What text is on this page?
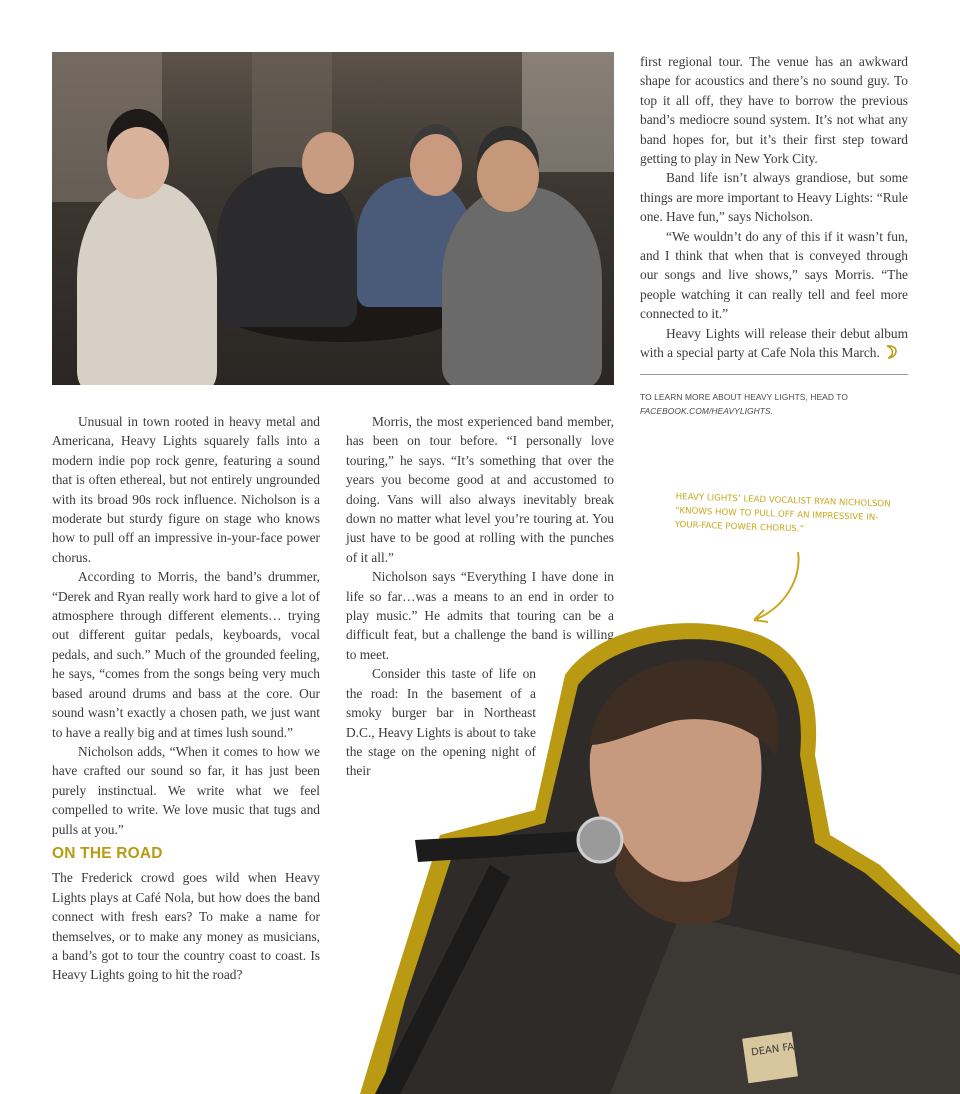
Unusual in town rooted in heavy metal and Americana, Heavy Lights squarely falls into a modern indie pop rock genre, featuring a sound that is often ethereal, but not entirely ungrounded with its broad 90s rock influence. Nicholson is a moderate but sturdy figure on stage who knows how to pull off an impressive in-your-face power chorus.

According to Morris, the band’s drummer, “Derek and Ryan really work hard to give a lot of atmosphere through different elements… trying out different guitar pedals, keyboards, vocal pedals, and such.” Much of the grounded feeling, he says, “comes from the songs being very much based around drums and bass at the core. Our sound wasn’t exactly a chosen path, we just want to have a really big and at times lush sound.”

Nicholson adds, “When it comes to how we have crafted our sound so far, it has just been purely instinctual. We write what we feel compelled to write. We love music that tugs and pulls at you.”

ON THE ROAD

The Frederick crowd goes wild when Heavy Lights plays at Café Nola, but how does the band connect with fresh ears? To make a name for themselves, or to make any money as musicians, a band’s got to tour the country coast to coast. Is Heavy Lights going to hit the road?

Morris, the most experienced band member, has been on tour before. “I personally love touring,” he says. “It’s something that over the years you become good at and accustomed to doing. Vans will also always inevitably break down no matter what level you’re touring at. You just have to be good at rolling with the punches of it all.”

Nicholson says “Everything I have done in life so far…was a means to an end in order to play music.” He admits that touring can be a difficult feat, but a challenge the band is willing to meet.

Consider this taste of life on the road: In the basement of a smoky burger bar in Northeast D.C., Heavy Lights is about to take the stage on the opening night of their

first regional tour. The venue has an awkward shape for acoustics and there’s no sound guy. To top it all off, they have to borrow the previous band’s mediocre sound system. It’s not what any band hopes for, but it’s their first step toward getting to play in New York City.

Band life isn’t always grandiose, but some things are more important to Heavy Lights: “Rule one. Have fun,” says Nicholson.

“We wouldn’t do any of this if it wasn’t fun, and I think that when that is conveyed through our songs and live shows,” says Morris. “The people watching it can really tell and feel more connected to it.”

Heavy Lights will release their debut album with a special party at Cafe Nola this March.

TO LEARN MORE ABOUT HEAVY LIGHTS, HEAD TO
FACEBOOK.COM/HEAVYLIGHTS.
HEAVY LIGHTS’ LEAD VOCALIST RYAN NICHOLSON “KNOWS HOW TO PULL OFF AN IMPRESSIVE IN-YOUR-FACE POWER CHORUS.”
DEAN FACE
